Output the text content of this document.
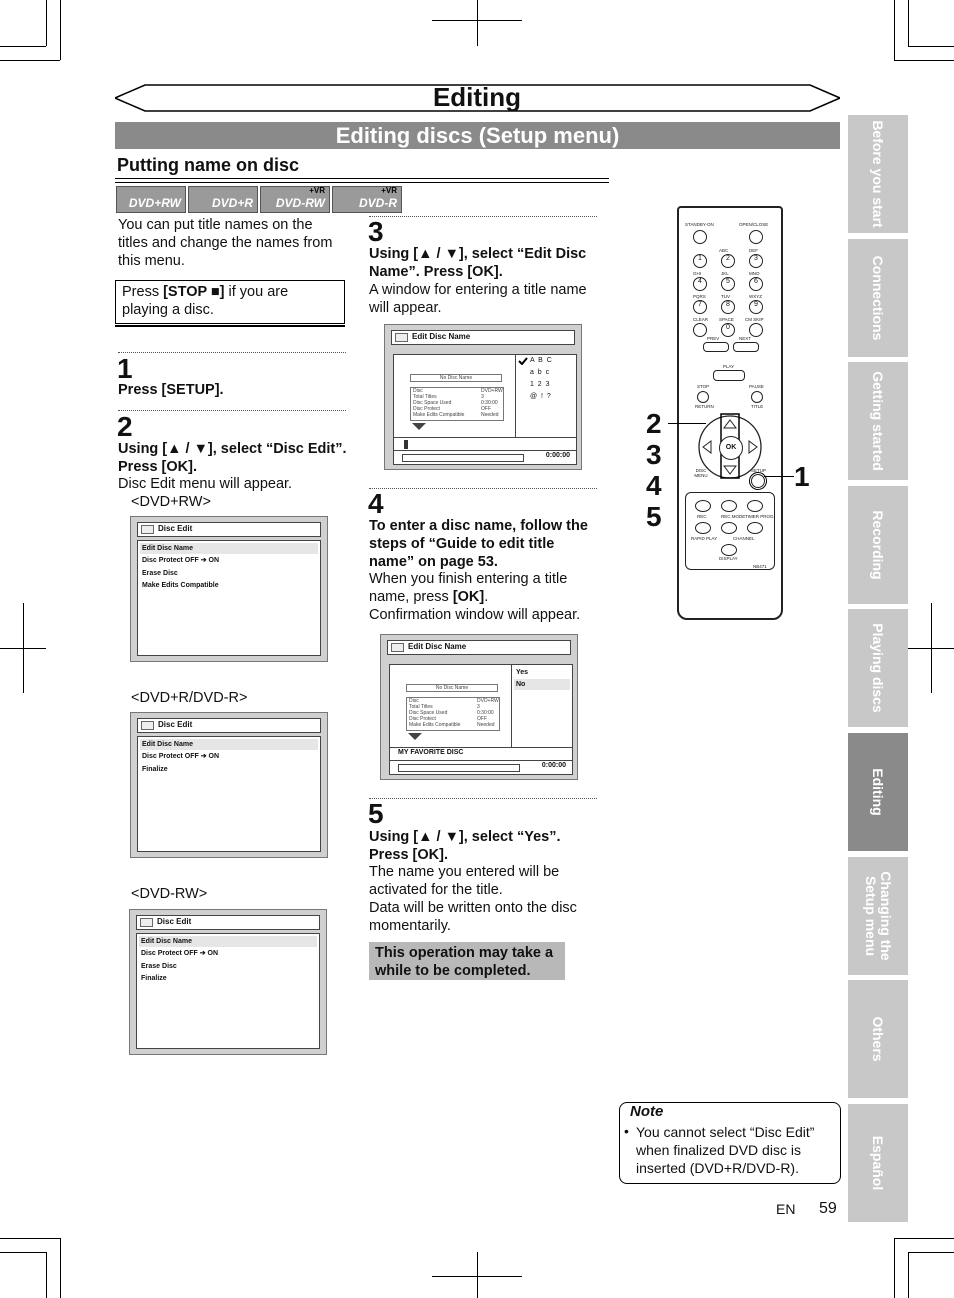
Editing
Editing discs (Setup menu)
Putting name on disc
DVD+RW	DVD+R
+VR
DVD-RW
+VR
DVD-R
You can put title names on the titles and change the names from this menu.
Press [STOP ■] if you are playing a disc.
1
Press [SETUP].
2
Using [▲ / ▼], select “Disc Edit”. Press [OK].
Disc Edit menu will appear.
<DVD+RW>
Disc Edit
Edit Disc Name
Disc Protect OFF ➔ ON
Erase Disc
Make Edits Compatible
<DVD+R/DVD-R>
Disc Edit
Edit Disc Name
Disc Protect OFF ➔ ON
Finalize
<DVD-RW>
Disc Edit
Edit Disc Name
Disc Protect OFF ➔ ON
Erase Disc
Finalize
3
Using [▲ / ▼], select “Edit Disc Name”. Press [OK].
A window for entering a title name will appear.
Edit Disc Name
No Disc Name
Disc
Total Titles
Disc Space Used
Disc Protect
Make Edits Compatible
DVD+RW
3
0:30:00
OFF
Needed
A  B  C
a  b  c
1  2  3
@  !  ?
0:00:00
4
To enter a disc name, follow the steps of “Guide to edit title name” on page 53.
When you finish entering a title name, press [OK].
Confirmation window will appear.
Edit Disc Name
No Disc Name
Disc
Total Titles
Disc Space Used
Disc Protect
Make Edits Compatible
DVD+RW
3
0:30:00
OFF
Needed
Yes
No
MY FAVORITE DISC
0:00:00
5
Using [▲ / ▼], select “Yes”. Press [OK].
The name you entered will be activated for the title.
Data will be written onto the disc momentarily.
This operation may take a while to be completed.
STANDBY-ON	OPEN/CLOSE
ABC	DEF
1	2	3
GHI	JKL	MNO
4	5	6
PQRS	TUV	WXYZ
7	8	9
CLEAR SPACE CM SKIP
0
PREV	NEXT
PLAY
STOP	PAUSE
RETURN	TITLE
OK
DISC MENU
SETUP
REC	REC MODE TIMER PROG.
RAPID PLAY	CHANNEL
DISPLAY
NB471
2
3
4
5
1
Before you start
Connections
Getting started
Recording
Playing discs
Editing
Changing the Setup menu
Others
Español
Note
• You cannot select “Disc Edit” when finalized DVD disc is inserted (DVD+R/DVD-R).
EN 59
